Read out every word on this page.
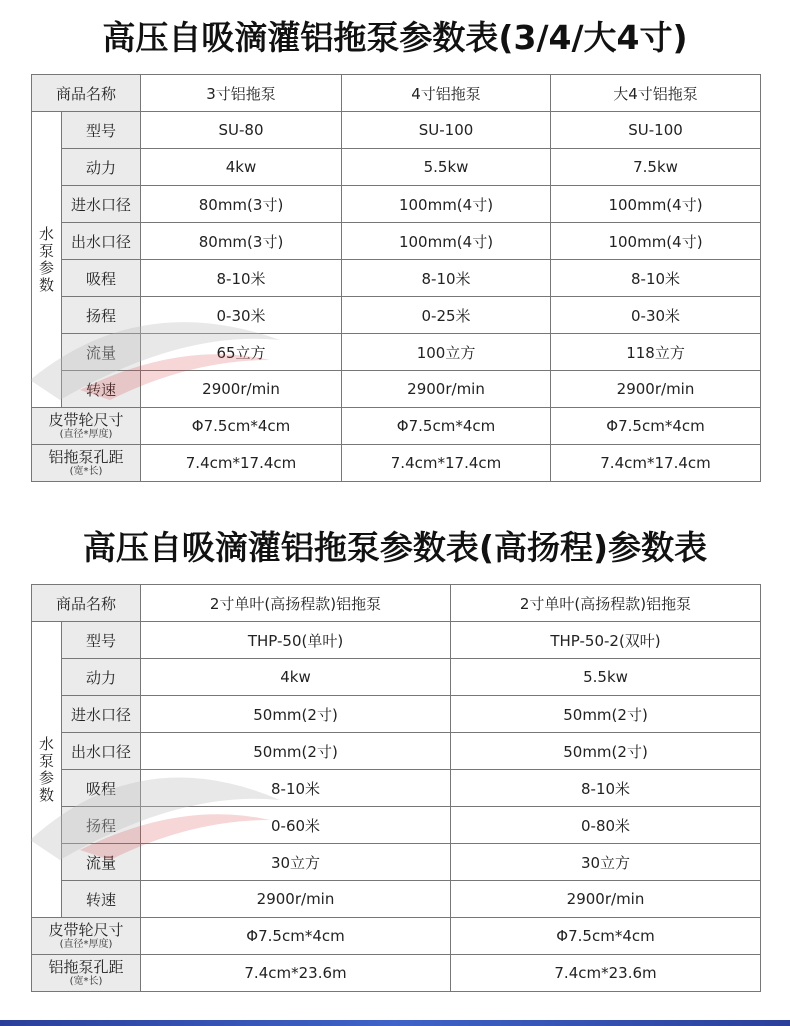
高压自吸滴灌铝拖泵参数表(3/4/大4寸)
商品名称		3寸铝拖泵	4寸铝拖泵	大4寸铝拖泵
水泵参数	型号	SU-80	SU-100	SU-100
	动力	4kw	5.5kw	7.5kw
	进水口径	80mm(3寸)	100mm(4寸)	100mm(4寸)
	出水口径	80mm(3寸)	100mm(4寸)	100mm(4寸)
	吸程	8-10米	8-10米	8-10米
	扬程	0-30米	0-25米	0-30米
	流量	65立方	100立方	118立方
	转速	2900r/min	2900r/min	2900r/min

皮带轮尺寸
(直径*厚度)		Φ7.5cm*4cm	Φ7.5cm*4cm	Φ7.5cm*4cm

铝拖泵孔距
(宽*长)		7.4cm*17.4cm	7.4cm*17.4cm	7.4cm*17.4cm
高压自吸滴灌铝拖泵参数表(高扬程)参数表
商品名称		2寸单叶(高扬程款)铝拖泵	2寸单叶(高扬程款)铝拖泵
水泵参数	型号	THP-50(单叶)	THP-50-2(双叶)
	动力	4kw	5.5kw
	进水口径	50mm(2寸)	50mm(2寸)
	出水口径	50mm(2寸)	50mm(2寸)
	吸程	8-10米	8-10米
	扬程	0-60米	0-80米
	流量	30立方	30立方
	转速	2900r/min	2900r/min

皮带轮尺寸
(直径*厚度)		Φ7.5cm*4cm	Φ7.5cm*4cm

铝拖泵孔距
(宽*长)		7.4cm*23.6m	7.4cm*23.6m
